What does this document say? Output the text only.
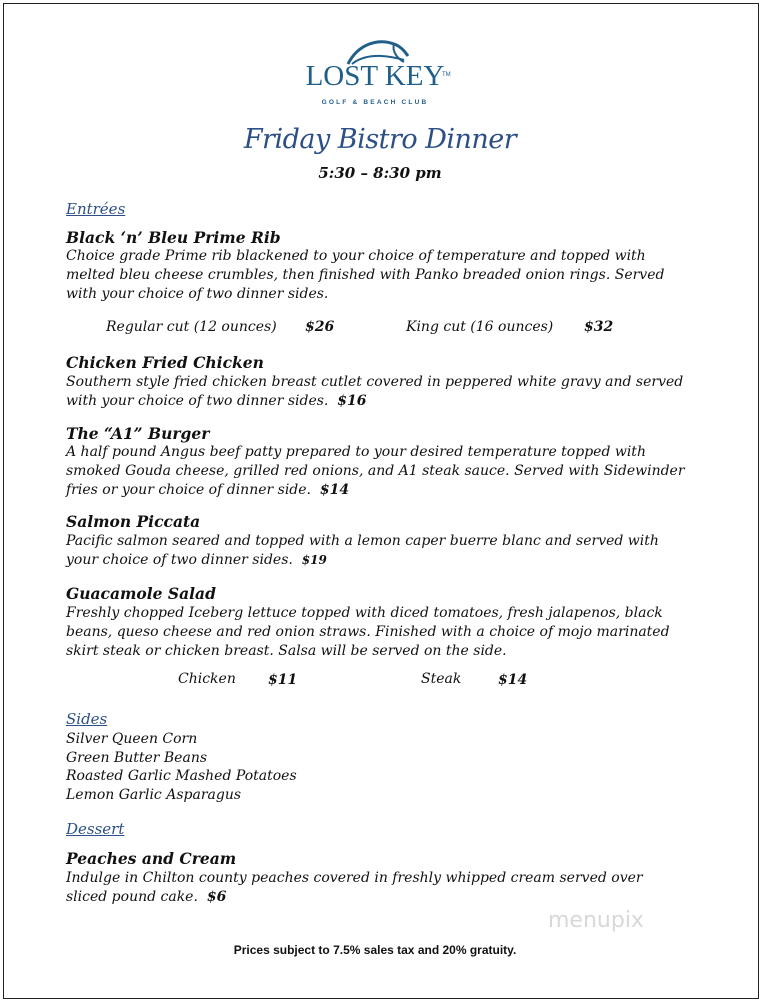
LOST KEY
TM
GOLF & BEACH CLUB
Friday Bistro Dinner
5:30 – 8:30 pm
Entrées
Black ‘n’ Bleu Prime Rib
Choice grade Prime rib blackened to your choice of temperature and topped with
melted bleu cheese crumbles, then finished with Panko breaded onion rings. Served
with your choice of two dinner sides.
Regular cut (12 ounces) $26	King cut (16 ounces) $32
Chicken Fried Chicken
Southern style fried chicken breast cutlet covered in peppered white gravy and served
with your choice of two dinner sides. $16
The “A1” Burger
A half pound Angus beef patty prepared to your desired temperature topped with
smoked Gouda cheese, grilled red onions, and A1 steak sauce. Served with Sidewinder
fries or your choice of dinner side. $14
Salmon Piccata
Pacific salmon seared and topped with a lemon caper buerre blanc and served with
your choice of two dinner sides. $19
Guacamole Salad
Freshly chopped Iceberg lettuce topped with diced tomatoes, fresh jalapenos, black
beans, queso cheese and red onion straws. Finished with a choice of mojo marinated
skirt steak or chicken breast. Salsa will be served on the side.
Chicken $11	Steak	$14
Sides
Silver Queen Corn
Green Butter Beans
Roasted Garlic Mashed Potatoes
Lemon Garlic Asparagus
Dessert
Peaches and Cream
Indulge in Chilton county peaches covered in freshly whipped cream served over
sliced pound cake. $6
menupix
Prices subject to 7.5% sales tax and 20% gratuity.
